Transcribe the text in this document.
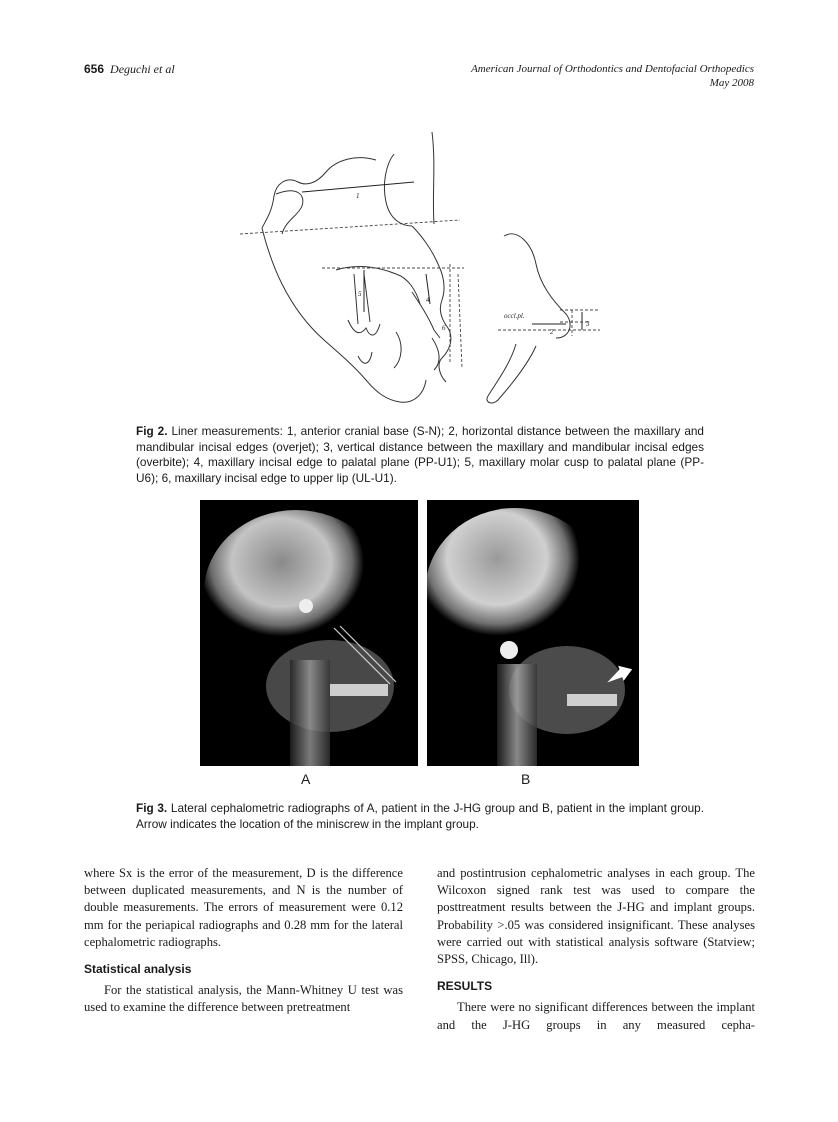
656 Deguchi et al	American Journal of Orthodontics and Dentofacial Orthopedics
May 2008
1
2
3
4
5
6
occl.pl.
Fig 2. Liner measurements: 1, anterior cranial base (S-N); 2, horizontal distance between the maxillary and mandibular incisal edges (overjet); 3, vertical distance between the maxillary and mandibular incisal edges (overbite); 4, maxillary incisal edge to palatal plane (PP-U1); 5, maxillary molar cusp to palatal plane (PP-U6); 6, maxillary incisal edge to upper lip (UL-U1).
A	B
Fig 3. Lateral cephalometric radiographs of A, patient in the J-HG group and B, patient in the implant group. Arrow indicates the location of the miniscrew in the implant group.
where Sx is the error of the measurement, D is the difference between duplicated measurements, and N is the number of double measurements. The errors of measurement were 0.12 mm for the periapical radiographs and 0.28 mm for the lateral cephalometric radiographs.
Statistical analysis
For the statistical analysis, the Mann-Whitney U test was used to examine the difference between pretreatment
and postintrusion cephalometric analyses in each group. The Wilcoxon signed rank test was used to compare the posttreatment results between the J-HG and implant groups. Probability >.05 was considered insignificant. These analyses were carried out with statistical analysis software (Statview; SPSS, Chicago, Ill).
RESULTS
There were no significant differences between the implant and the J-HG groups in any measured cepha-
